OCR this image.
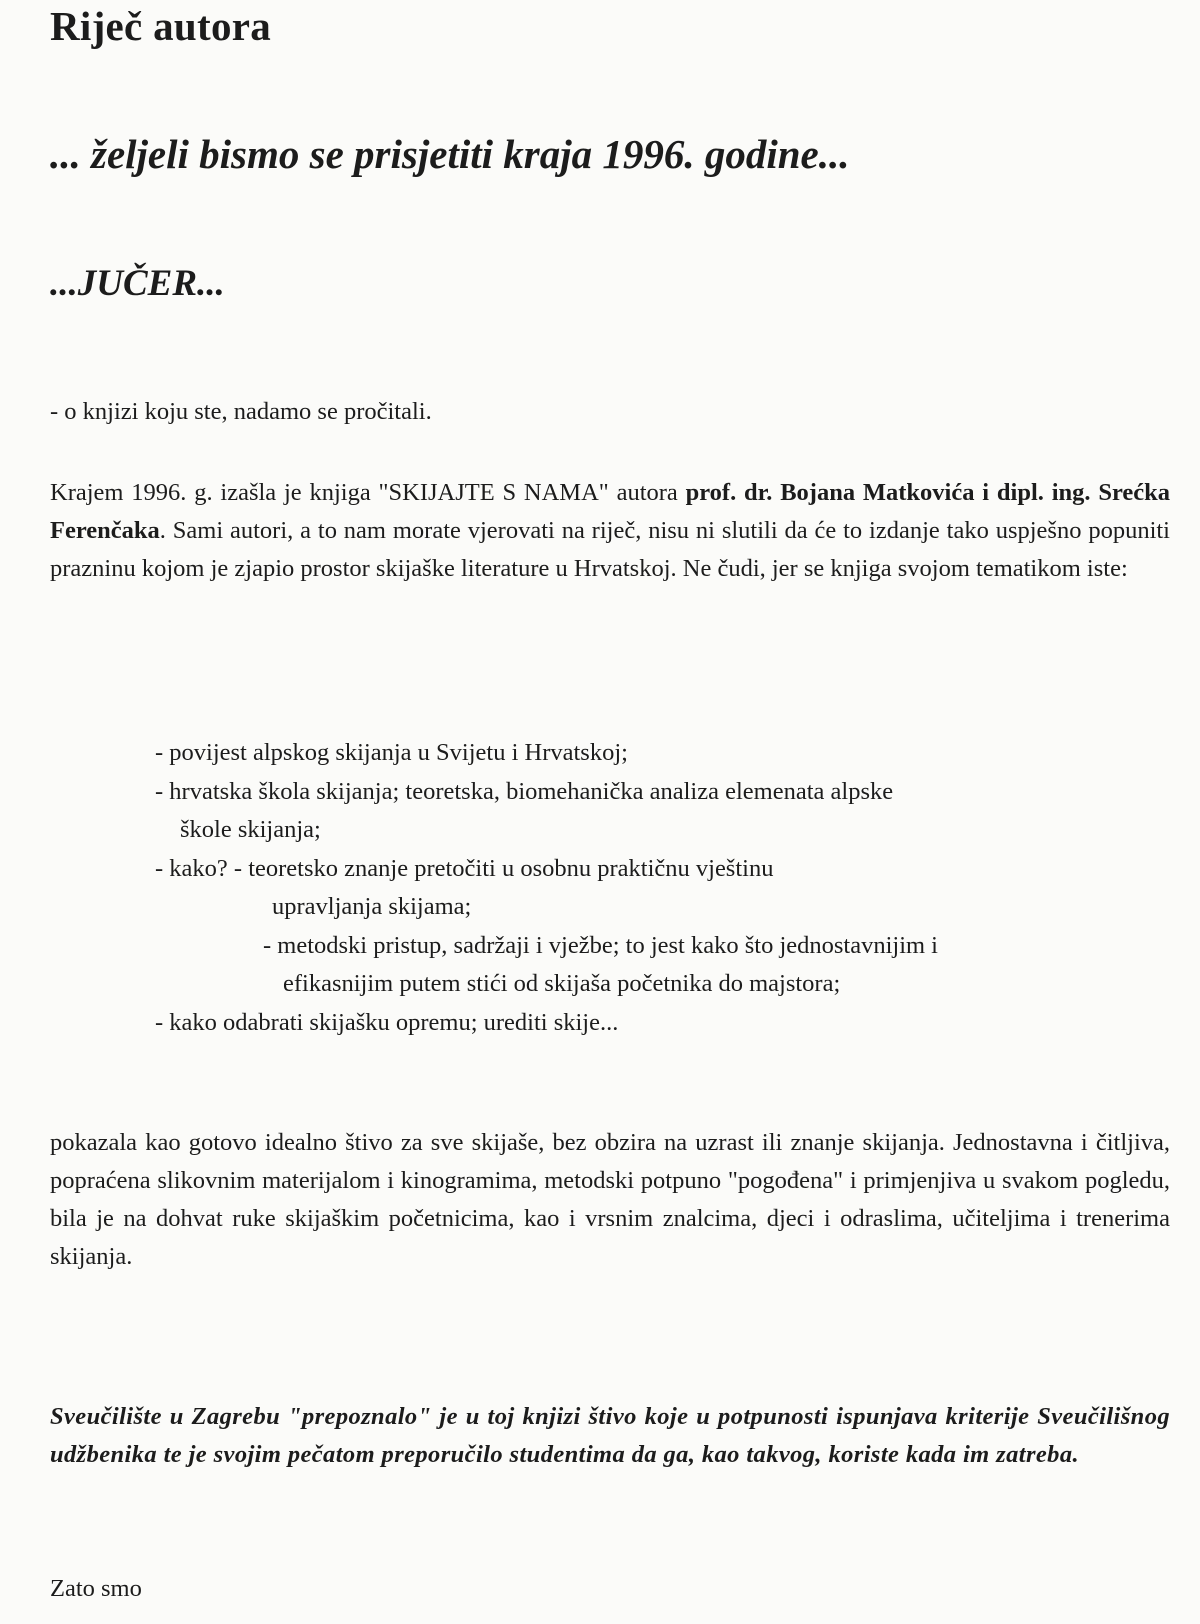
Riječ autora
... željeli bismo se prisjetiti kraja 1996. godine...
...JUČER...

- o knjizi koju ste, nadamo se pročitali.

Krajem 1996. g. izašla je knjiga "SKIJAJTE S NAMA" autora prof. dr. Bojana Matkovića i dipl. ing. Srećka Ferenčaka. Sami autori, a to nam morate vjerovati na riječ, nisu ni slutili da će to izdanje tako uspješno popuniti prazninu kojom je zjapio prostor skijaške literature u Hrvatskoj. Ne čudi, jer se knjiga svojom tematikom iste:

- povijest alpskog skijanja u Svijetu i Hrvatskoj;
- hrvatska škola skijanja; teoretska, biomehanička analiza elemenata alpske
škole skijanja;
- kako? - teoretsko znanje pretočiti u osobnu praktičnu vještinu
upravljanja skijama;
- metodski pristup, sadržaji i vježbe; to jest kako što jednostavnijim i
efikasnijim putem stići od skijaša početnika do majstora;
- kako odabrati skijašku opremu; urediti skije...

pokazala kao gotovo idealno štivo za sve skijaše, bez obzira na uzrast ili znanje skijanja. Jednostavna i čitljiva, popraćena slikovnim materijalom i kinogramima, metodski potpuno "pogođena" i primjenjiva u svakom pogledu, bila je na dohvat ruke skijaškim početnicima, kao i vrsnim znalcima, djeci i odraslima, učiteljima i trenerima skijanja.

Sveučilište u Zagrebu "prepoznalo" je u toj knjizi štivo koje u potpunosti ispunjava kriterije Sveučilišnog udžbenika te je svojim pečatom preporučilo studentima da ga, kao takvog, koriste kada im zatreba.

Zato smo
